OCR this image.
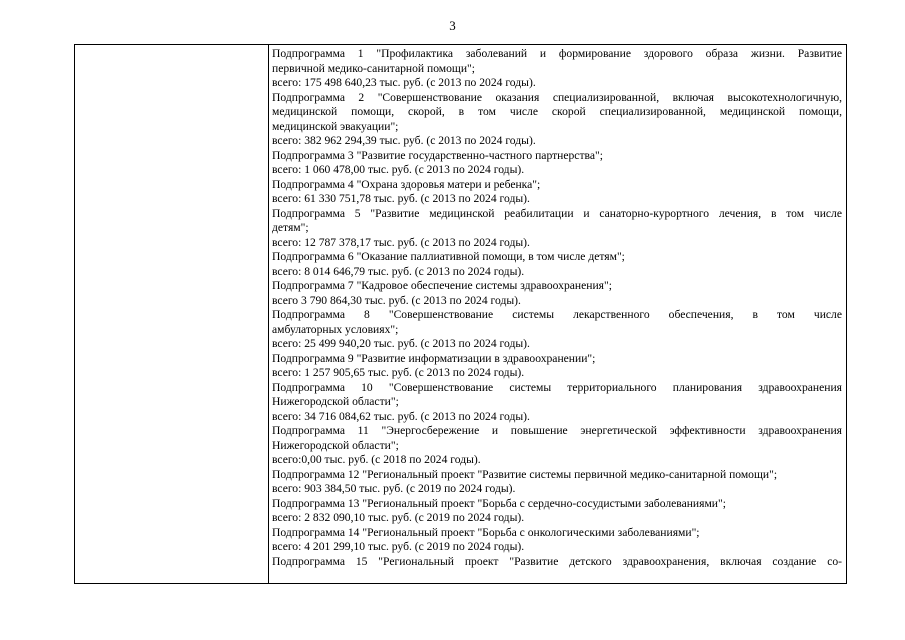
3

Подпрограмма 1 "Профилактика заболеваний и формирование здорового образа жизни. Развитие
первичной медико-санитарной помощи";
всего: 175 498 640,23 тыс. руб. (с 2013 по 2024 годы).
Подпрограмма 2 "Совершенствование оказания специализированной, включая высокотехнологичную,
медицинской помощи, скорой, в том числе скорой специализированной, медицинской помощи,
медицинской эвакуации";
всего: 382 962 294,39 тыс. руб. (с 2013 по 2024 годы).
Подпрограмма 3 "Развитие государственно-частного партнерства";
всего: 1 060 478,00 тыс. руб. (с 2013 по 2024 годы).
Подпрограмма 4 "Охрана здоровья матери и ребенка";
всего: 61 330 751,78 тыс. руб. (с 2013 по 2024 годы).
Подпрограмма 5 "Развитие медицинской реабилитации и санаторно-курортного лечения, в том числе
детям";
всего: 12 787 378,17 тыс. руб. (с 2013 по 2024 годы).
Подпрограмма 6 "Оказание паллиативной помощи, в том числе детям";
всего: 8 014 646,79 тыс. руб. (с 2013 по 2024 годы).
Подпрограмма 7 "Кадровое обеспечение системы здравоохранения";
всего 3 790 864,30 тыс. руб. (с 2013 по 2024 годы).
Подпрограмма 8 "Совершенствование системы лекарственного обеспечения, в том числе
амбулаторных условиях";
всего: 25 499 940,20 тыс. руб. (с 2013 по 2024 годы).
Подпрограмма 9 "Развитие информатизации в здравоохранении";
всего: 1 257 905,65 тыс. руб. (с 2013 по 2024 годы).
Подпрограмма 10 "Совершенствование системы территориального планирования здравоохранения
Нижегородской области";
всего: 34 716 084,62 тыс. руб. (с 2013 по 2024 годы).
Подпрограмма 11 "Энергосбережение и повышение энергетической эффективности здравоохранения
Нижегородской области";
всего:0,00 тыс. руб. (с 2018 по 2024 годы).
Подпрограмма 12 "Региональный проект "Развитие системы первичной медико-санитарной помощи";
всего: 903 384,50 тыс. руб. (с 2019 по 2024 годы).
Подпрограмма 13 "Региональный проект "Борьба с сердечно-сосудистыми заболеваниями";
всего: 2 832 090,10 тыс. руб. (с 2019 по 2024 годы).
Подпрограмма 14 "Региональный проект "Борьба с онкологическими заболеваниями";
всего: 4 201 299,10 тыс. руб. (с 2019 по 2024 годы).
Подпрограмма 15 "Региональный проект "Развитие детского здравоохранения, включая создание со-
